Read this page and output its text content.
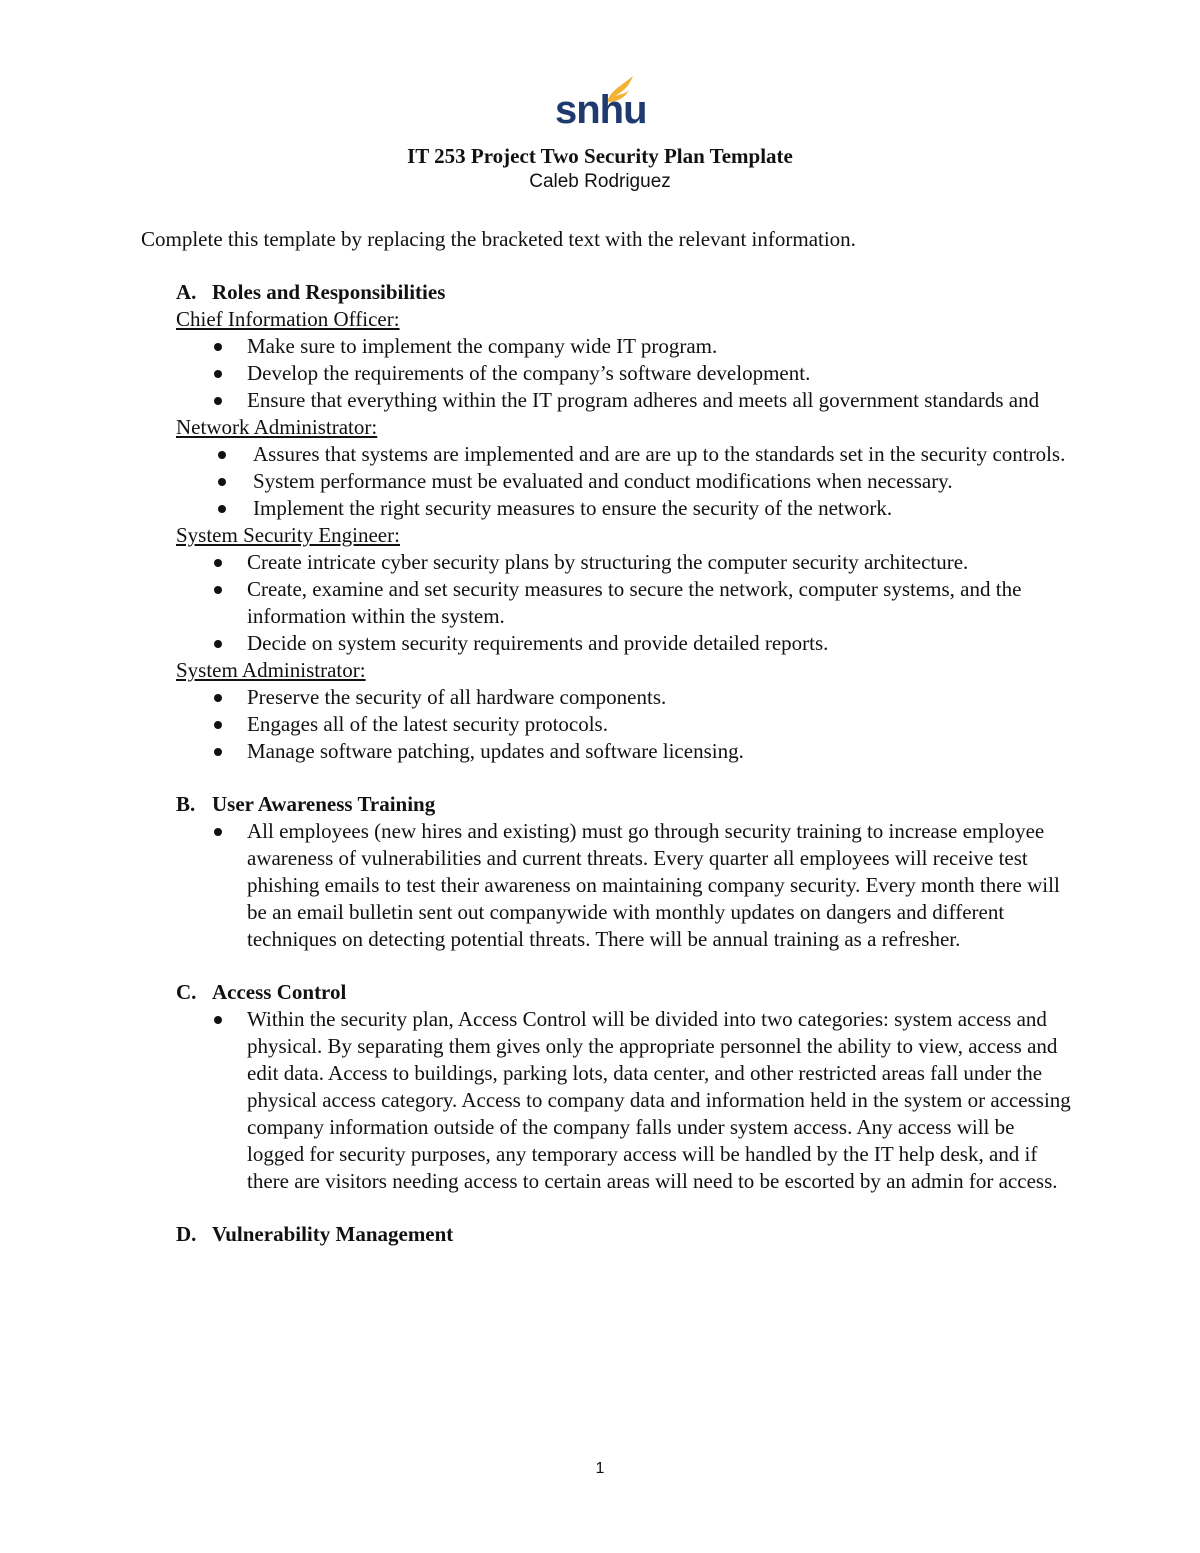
snhu
IT 253 Project Two Security Plan Template
Caleb Rodriguez
Complete this template by replacing the bracketed text with the relevant information.
A. Roles and Responsibilities
Chief Information Officer:
Make sure to implement the company wide IT program.
Develop the requirements of the company’s software development.
Ensure that everything within the IT program adheres and meets all government standards and
Network Administrator:
Assures that systems are implemented and are are up to the standards set in the security controls.
System performance must be evaluated and conduct modifications when necessary.
Implement the right security measures to ensure the security of the network.
System Security Engineer:
Create intricate cyber security plans by structuring the computer security architecture.
Create, examine and set security measures to secure the network, computer systems, and the information within the system.
Decide on system security requirements and provide detailed reports.
System Administrator:
Preserve the security of all hardware components.
Engages all of the latest security protocols.
Manage software patching, updates and software licensing.
B. User Awareness Training
All employees (new hires and existing) must go through security training to increase employee awareness of vulnerabilities and current threats. Every quarter all employees will receive test phishing emails to test their awareness on maintaining company security. Every month there will be an email bulletin sent out companywide with monthly updates on dangers and different techniques on detecting potential threats. There will be annual training as a refresher.
C. Access Control
Within the security plan, Access Control will be divided into two categories: system access and physical. By separating them gives only the appropriate personnel the ability to view, access and edit data. Access to buildings, parking lots, data center, and other restricted areas fall under the physical access category. Access to company data and information held in the system or accessing company information outside of the company falls under system access. Any access will be logged for security purposes, any temporary access will be handled by the IT help desk, and if there are visitors needing access to certain areas will need to be escorted by an admin for access.
D. Vulnerability Management
1
